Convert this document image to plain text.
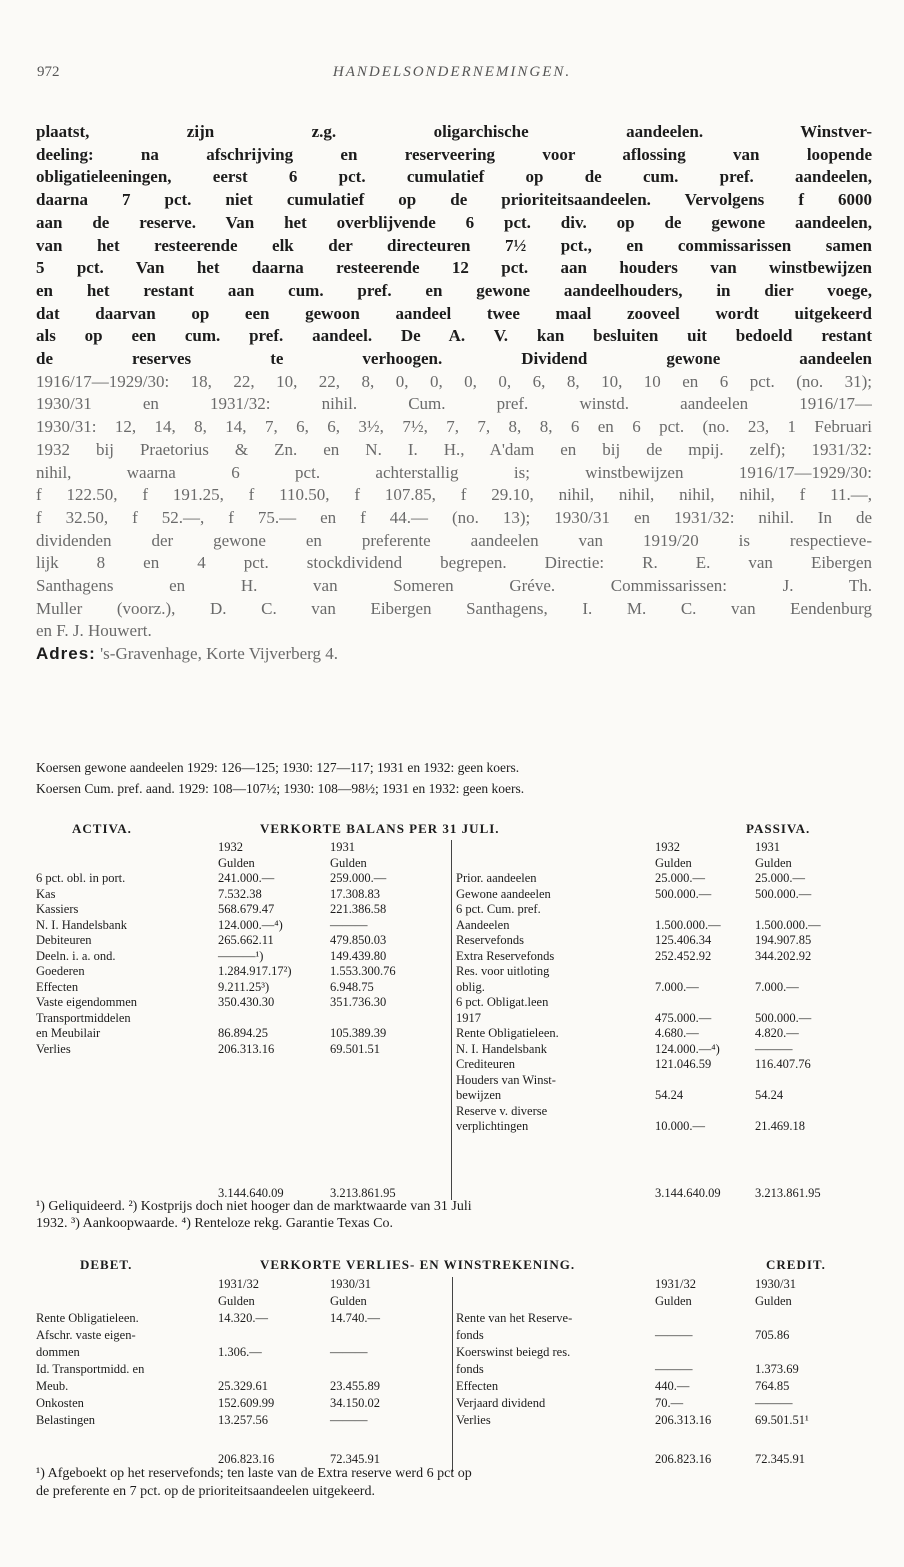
972	HANDELSONDERNEMINGEN.

plaatst, zijn z.g. oligarchische aandeelen. Winstver-

deeling: na afschrijving en reserveering voor aflossing van loopende

obligatieleeningen, eerst 6 pct. cumulatief op de cum. pref. aandeelen,

daarna 7 pct. niet cumulatief op de prioriteitsaandeelen. Vervolgens f 6000

aan de reserve. Van het overblijvende 6 pct. div. op de gewone aandeelen,

van het resteerende elk der directeuren 7½ pct., en commissarissen samen

5 pct. Van het daarna resteerende 12 pct. aan houders van winstbewijzen

en het restant aan cum. pref. en gewone aandeelhouders, in dier voege,

dat daarvan op een gewoon aandeel twee maal zooveel wordt uitgekeerd

als op een cum. pref. aandeel. De A. V. kan besluiten uit bedoeld restant

de reserves te verhoogen. Dividend gewone aandeelen

1916/17—1929/30: 18, 22, 10, 22, 8, 0, 0, 0, 0, 6, 8, 10, 10 en 6 pct. (no. 31);

1930/31 en 1931/32: nihil. Cum. pref. winstd. aandeelen 1916/17—

1930/31: 12, 14, 8, 14, 7, 6, 6, 3½, 7½, 7, 7, 8, 8, 6 en 6 pct. (no. 23, 1 Februari

1932 bij Praetorius & Zn. en N. I. H., A'dam en bij de mpij. zelf); 1931/32:

nihil, waarna 6 pct. achterstallig is; winstbewijzen 1916/17—1929/30:

f 122.50, f 191.25, f 110.50, f 107.85, f 29.10, nihil, nihil, nihil, nihil, f 11.—,

f 32.50, f 52.—, f 75.— en f 44.— (no. 13); 1930/31 en 1931/32: nihil. In de

dividenden der gewone en preferente aandeelen van 1919/20 is respectieve-

lijk 8 en 4 pct. stockdividend begrepen. Directie: R. E. van Eibergen

Santhagens en H. van Someren Gréve. Commissarissen: J. Th.

Muller (voorz.), D. C. van Eibergen Santhagens, I. M. C. van Eendenburg

en F. J. Houwert.

Adres: 's-Gravenhage, Korte Vijverberg 4.

Koersen gewone aandeelen 1929: 126—125; 1930: 127—117; 1931 en 1932: geen koers.
Koersen Cum. pref. aand. 1929: 108—107½; 1930: 108—98½; 1931 en 1932: geen koers.
ACTIVA.	VERKORTE BALANS PER 31 JULI.	PASSIVA.
1932	1931
Gulden	Gulden
6 pct. obl. in port.	241.000.—	259.000.—
Kas	7.532.38	17.308.83
Kassiers	568.679.47	221.386.58
N. I. Handelsbank	124.000.—⁴)	———
Debiteuren	265.662.11	479.850.03
Deeln. i. a. ond.	———¹)	149.439.80
Goederen	1.284.917.17²)	1.553.300.76
Effecten	9.211.25³)	6.948.75
Vaste eigendommen	350.430.30	351.736.30
Transportmiddelen
en Meubilair	86.894.25	105.389.39
Verlies	206.313.16	69.501.51
3.144.640.09	3.213.861.95
1932	1931
Gulden	Gulden
Prior. aandeelen	25.000.—	25.000.—
Gewone aandeelen	500.000.—	500.000.—
6 pct. Cum. pref.
Aandeelen	1.500.000.—	1.500.000.—
Reservefonds	125.406.34	194.907.85
Extra Reservefonds	252.452.92	344.202.92
Res. voor uitloting
oblig.	7.000.—	7.000.—
6 pct. Obligat.leen
1917	475.000.—	500.000.—
Rente Obligatieleen.	4.680.—	4.820.—
N. I. Handelsbank	124.000.—⁴)	———
Crediteuren	121.046.59	116.407.76
Houders van Winst-
bewijzen	54.24	54.24
Reserve v. diverse
verplichtingen	10.000.—	21.469.18
3.144.640.09	3.213.861.95
¹) Geliquideerd. ²) Kostprijs doch niet hooger dan de marktwaarde van 31 Juli
1932. ³) Aankoopwaarde. ⁴) Renteloze rekg. Garantie Texas Co.
DEBET.	VERKORTE VERLIES- EN WINSTREKENING.	CREDIT.
1931/32	1930/31
Gulden	Gulden
Rente Obligatieleen.	14.320.—	14.740.—
Afschr. vaste eigen-
dommen	1.306.—	———
Id. Transportmidd. en
Meub.	25.329.61	23.455.89
Onkosten	152.609.99	34.150.02
Belastingen	13.257.56	———
206.823.16	72.345.91
1931/32	1930/31
Gulden	Gulden
Rente van het Reserve-
fonds	———	705.86
Koerswinst beiegd res.
fonds	———	1.373.69
Effecten	440.—	764.85
Verjaard dividend	70.—	———
Verlies	206.313.16	69.501.51¹
206.823.16	72.345.91
¹) Afgeboekt op het reservefonds; ten laste van de Extra reserve werd 6 pct op
de preferente en 7 pct. op de prioriteitsaandeelen uitgekeerd.
